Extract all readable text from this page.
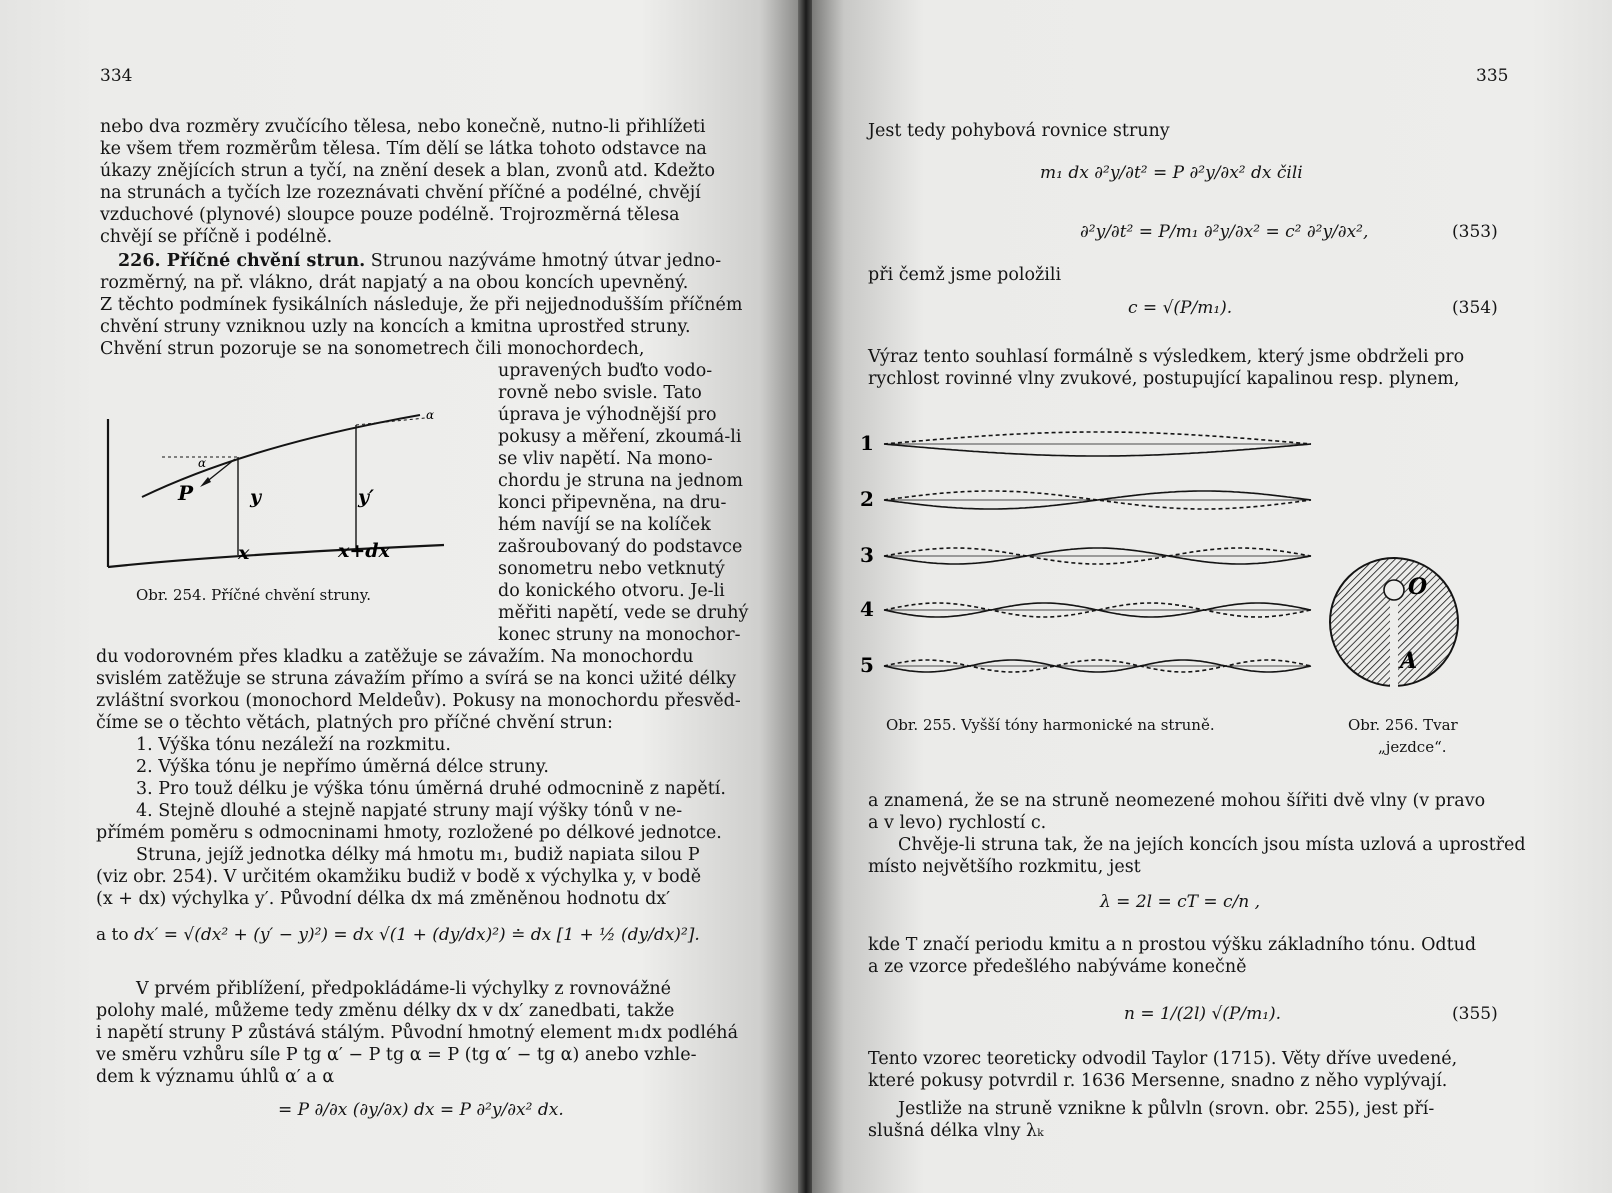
334
nebo dva rozměry zvučícího tělesa, nebo konečně, nutno-li přihlížeti
ke všem třem rozměrům tělesa. Tím dělí se látka tohoto odstavce na
úkazy znějících strun a tyčí, na znění desek a blan, zvonů atd. Kdežto
na strunách a tyčích lze rozeznávati chvění příčné a podélné, chvějí
vzduchové (plynové) sloupce pouze podélně. Trojrozměrná tělesa
chvějí se příčně i podélně.
226. Příčné chvění strun. Strunou nazýváme hmotný útvar jedno-
rozměrný, na př. vlákno, drát napjatý a na obou koncích upevněný.
Z těchto podmínek fysikálních následuje, že při nejjednodušším příčném
chvění struny vzniknou uzly na koncích a kmitna uprostřed struny.
Chvění strun pozoruje se na sonometrech čili monochordech,
upravených buďto vodo-
rovně nebo svisle. Tato
úprava je výhodnější pro
pokusy a měření, zkoumá-li
se vliv napětí. Na mono-
chordu je struna na jednom
konci připevněna, na dru-
hém navíjí se na kolíček
zašroubovaný do podstavce
sonometru nebo vetknutý
do konického otvoru. Je-li
měřiti napětí, vede se druhý
konec struny na monochor-
α
α
P	y	y′
x	x+dx
Obr. 254. Příčné chvění struny.
du vodorovném přes kladku a zatěžuje se závažím. Na monochordu
svislém zatěžuje se struna závažím přímo a svírá se na konci užité délky
zvláštní svorkou (monochord Meldeův). Pokusy na monochordu přesvěd-
číme se o těchto větách, platných pro příčné chvění strun:
1. Výška tónu nezáleží na rozkmitu.
2. Výška tónu je nepřímo úměrná délce struny.
3. Pro touž délku je výška tónu úměrná druhé odmocnině z napětí.
4. Stejně dlouhé a stejně napjaté struny mají výšky tónů v ne-
přímém poměru s odmocninami hmoty, rozložené po délkové jednotce.
Struna, jejíž jednotka délky má hmotu m₁, budiž napiata silou P
(viz obr. 254). V určitém okamžiku budiž v bodě x výchylka y, v bodě
(x + dx) výchylka y′. Původní délka dx má změněnou hodnotu dx′
a to dx′ = √(dx² + (y′ − y)²) = dx √(1 + (dy/dx)²) ≐ dx [1 + ½ (dy/dx)²].
V prvém přiblížení, předpokládáme-li výchylky z rovnovážné
polohy malé, můžeme tedy změnu délky dx v dx′ zanedbati, takže
i napětí struny P zůstává stálým. Původní hmotný element m₁dx podléhá
ve směru vzhůru síle P tg α′ − P tg α = P (tg α′ − tg α) anebo vzhle-
dem k významu úhlů α′ a α
= P ∂/∂x (∂y/∂x) dx = P ∂²y/∂x² dx.
335
Jest tedy pohybová rovnice struny
m₁ dx ∂²y/∂t² = P ∂²y/∂x² dx čili
∂²y/∂t² = P/m₁ ∂²y/∂x² = c² ∂²y/∂x²,	(353)
při čemž jsme položili
c = √(P/m₁).	(354)
Výraz tento souhlasí formálně s výsledkem, který jsme obdrželi pro
rychlost rovinné vlny zvukové, postupující kapalinou resp. plynem,
1
2
3
4
5
Obr. 255. Vyšší tóny harmonické na struně.
O
A
Obr. 256. Tvar
„jezdce“.
a znamená, že se na struně neomezené mohou šířiti dvě vlny (v pravo
a v levo) rychlostí c.
Chvěje-li struna tak, že na jejích koncích jsou místa uzlová a uprostřed
místo největšího rozkmitu, jest
λ = 2l = cT = c/n ,
kde T značí periodu kmitu a n prostou výšku základního tónu. Odtud
a ze vzorce předešlého nabýváme konečně
n = 1/(2l) √(P/m₁).	(355)
Tento vzorec teoreticky odvodil Taylor (1715). Věty dříve uvedené,
které pokusy potvrdil r. 1636 Mersenne, snadno z něho vyplývají.
Jestliže na struně vznikne k půlvln (srovn. obr. 255), jest pří-
slušná délka vlny λₖ
